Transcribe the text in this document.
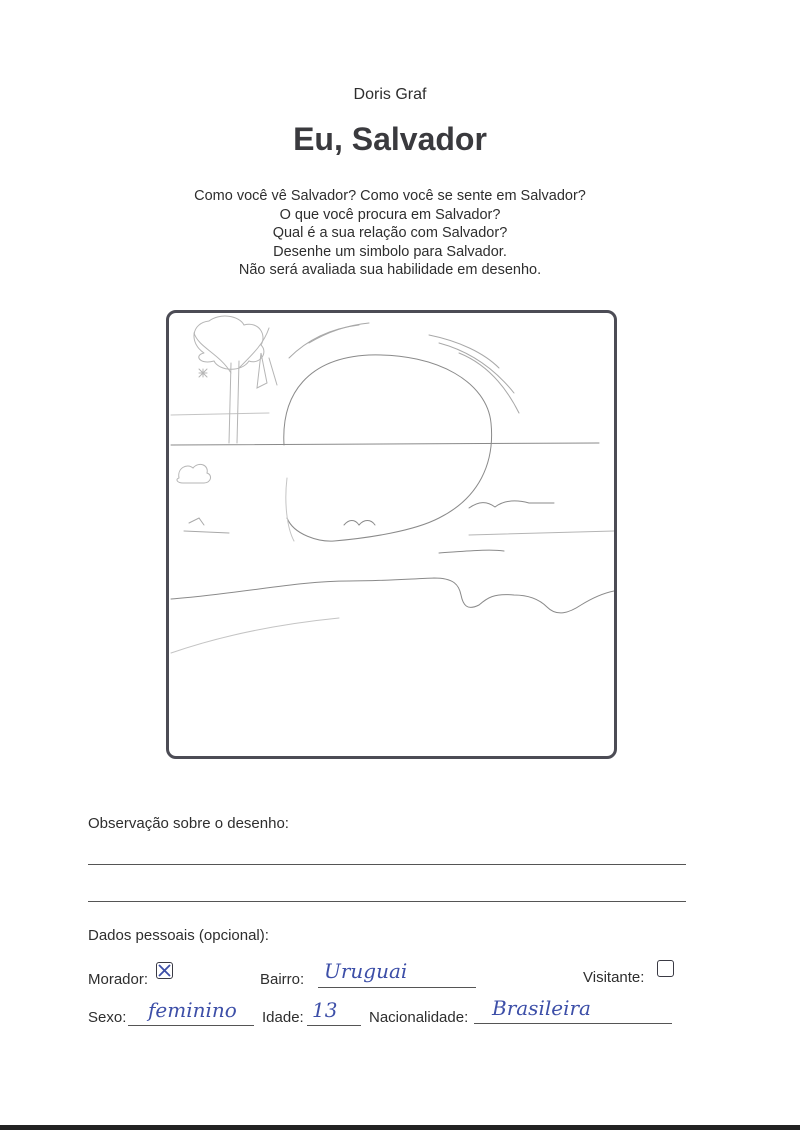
Doris Graf
Eu, Salvador
Como você vê Salvador? Como você se sente em Salvador?
O que você procura em Salvador?
Qual é a sua relação com Salvador?
Desenhe um simbolo para Salvador.
Não será avaliada sua habilidade em desenho.
Observação sobre o desenho:
Dados pessoais (opcional):
Morador:	Bairro: Uruguai	Visitante:
Sexo: feminino Idade: 13 Nacionalidade: Brasileira
